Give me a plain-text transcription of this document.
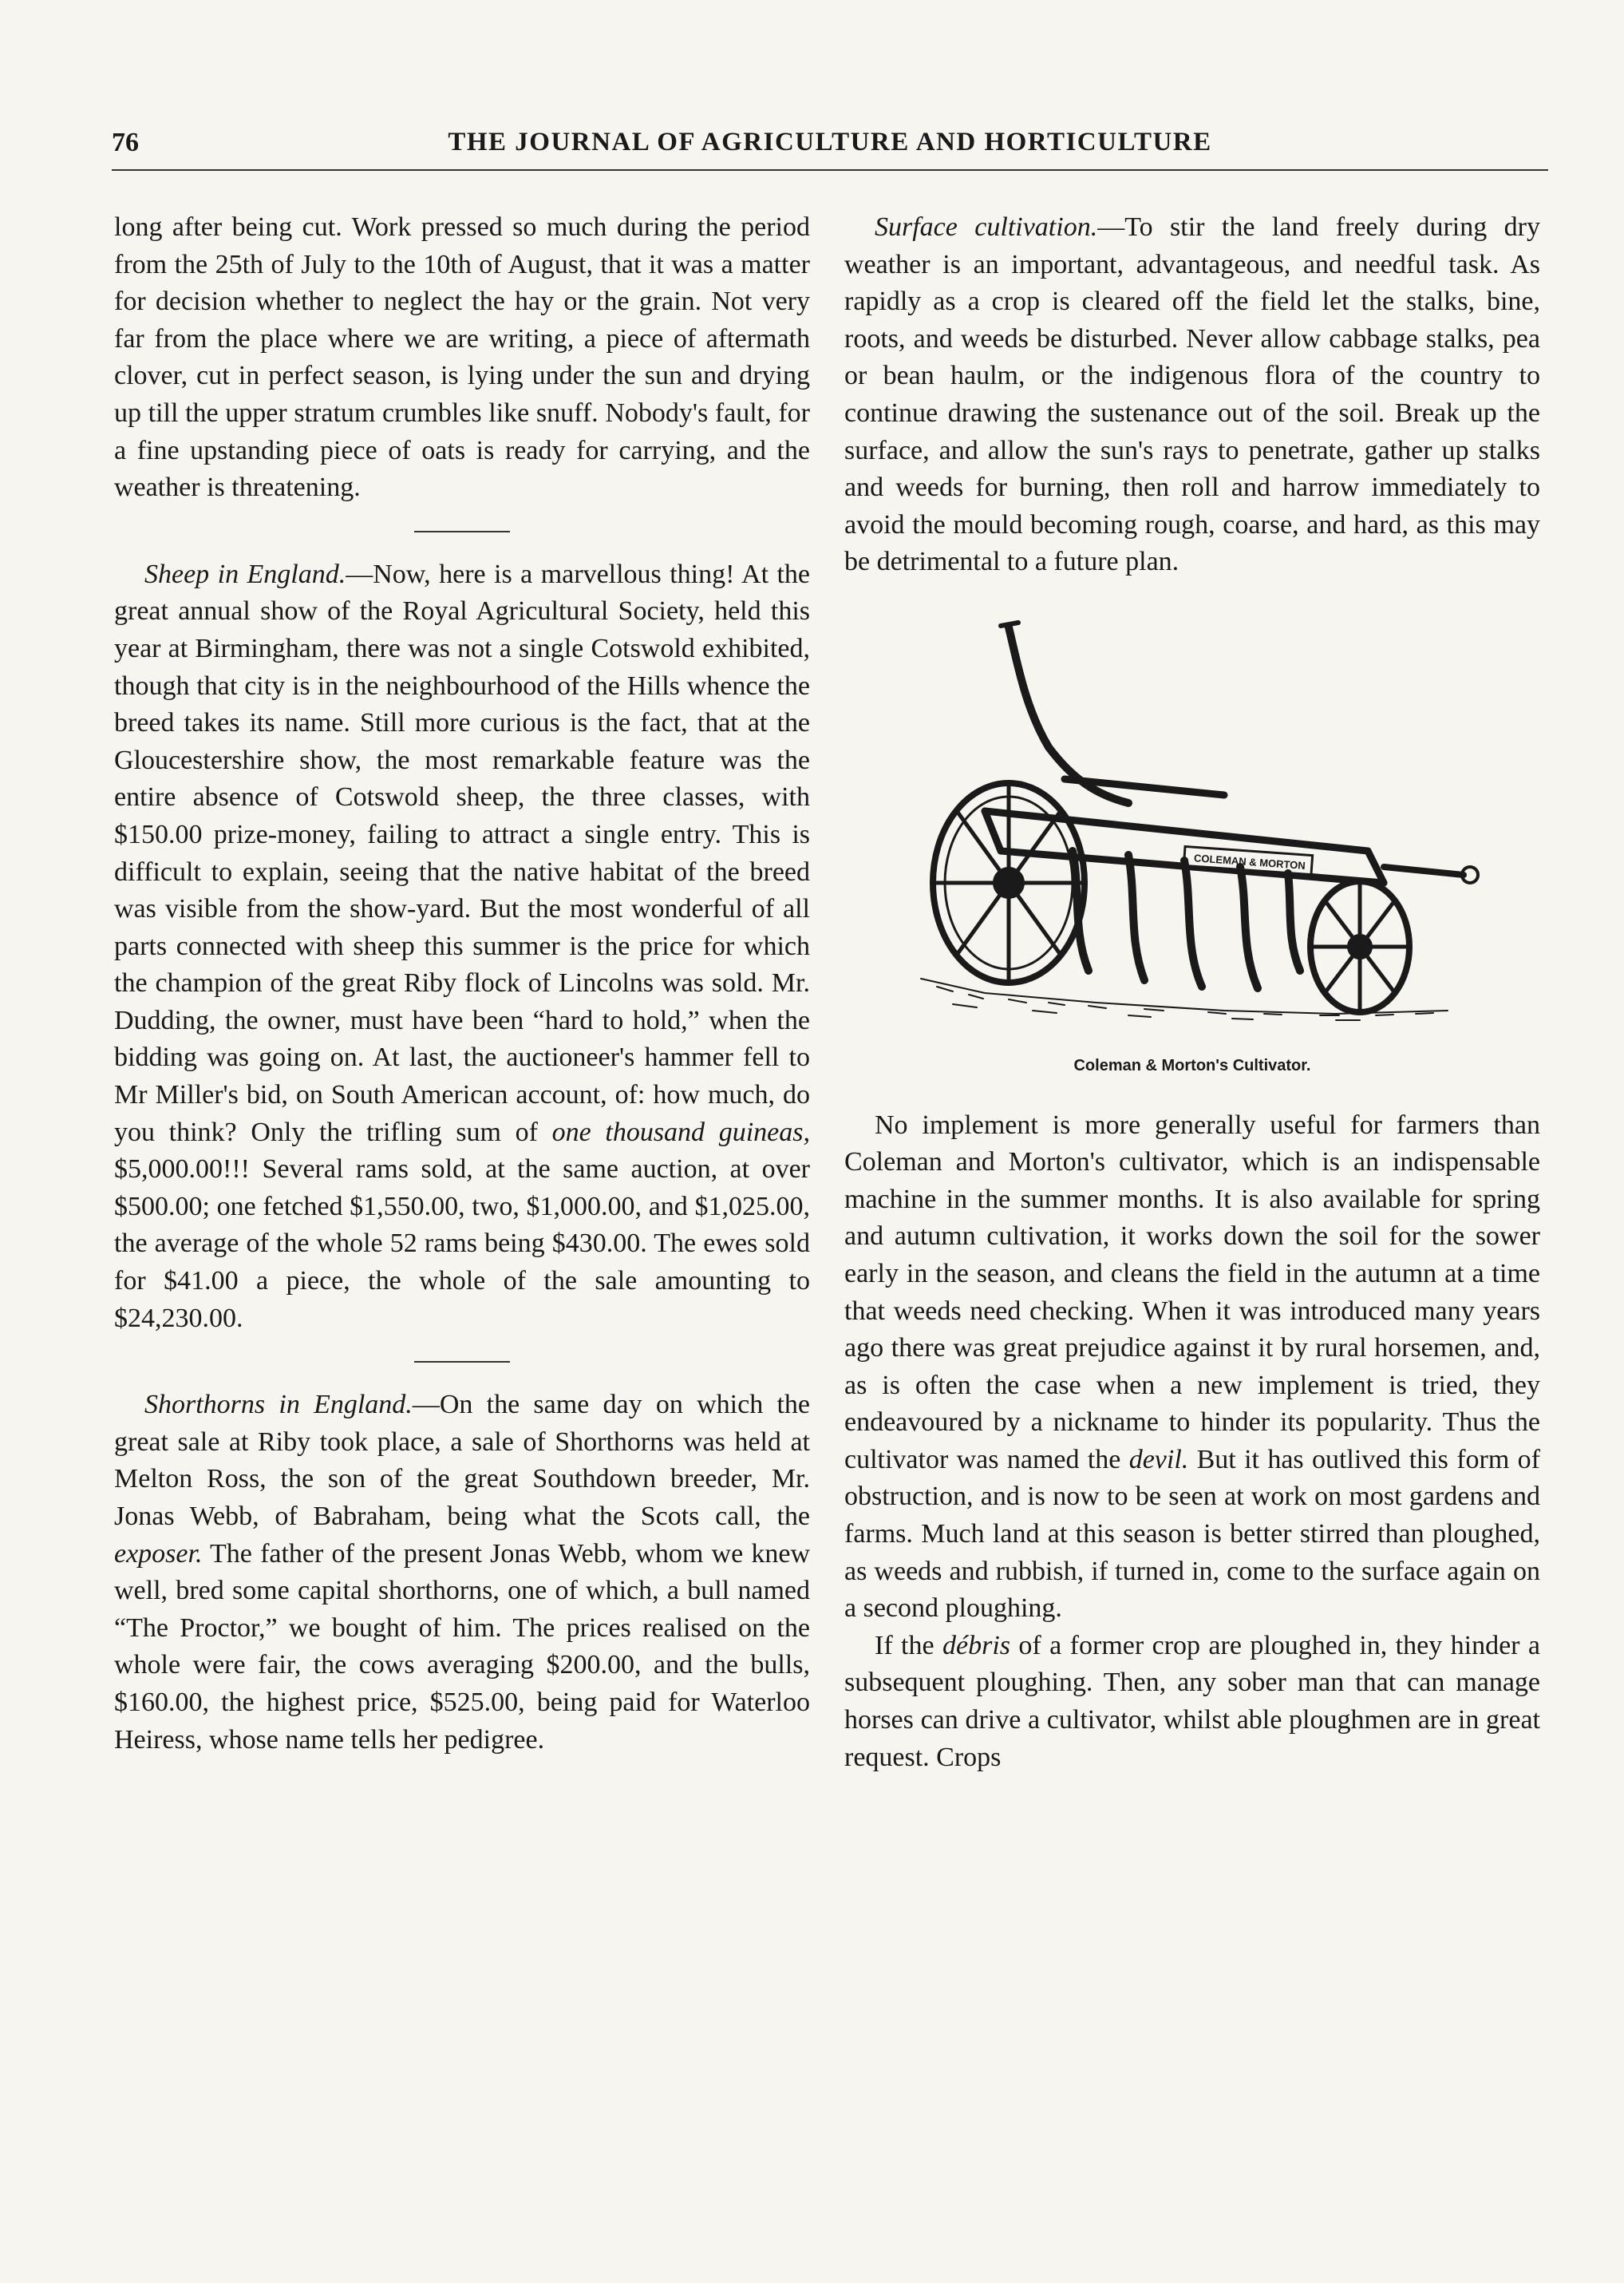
76	THE JOURNAL OF AGRICULTURE AND HORTICULTURE

long after being cut. Work pressed so much during the period from the 25th of July to the 10th of August, that it was a matter for decision whether to neglect the hay or the grain. Not very far from the place where we are writing, a piece of aftermath clover, cut in perfect season, is lying under the sun and drying up till the upper stratum crumbles like snuff. Nobody's fault, for a fine upstanding piece of oats is ready for carrying, and the weather is threatening.

Sheep in England.—Now, here is a marvellous thing! At the great annual show of the Royal Agricultural Society, held this year at Birmingham, there was not a single Cotswold exhibited, though that city is in the neighbourhood of the Hills whence the breed takes its name. Still more curious is the fact, that at the Gloucestershire show, the most remarkable feature was the entire absence of Cotswold sheep, the three classes, with $150.00 prize-money, failing to attract a single entry. This is difficult to explain, seeing that the native habitat of the breed was visible from the show-yard. But the most wonderful of all parts connected with sheep this summer is the price for which the champion of the great Riby flock of Lincolns was sold. Mr. Dudding, the owner, must have been “hard to hold,” when the bidding was going on. At last, the auctioneer's hammer fell to Mr Miller's bid, on South American account, of: how much, do you think? Only the trifling sum of one thousand guineas, $5,000.00!!! Several rams sold, at the same auction, at over $500.00; one fetched $1,550.00, two, $1,000.00, and $1,025.00, the average of the whole 52 rams being $430.00. The ewes sold for $41.00 a piece, the whole of the sale amounting to $24,230.00.

Shorthorns in England.—On the same day on which the great sale at Riby took place, a sale of Shorthorns was held at Melton Ross, the son of the great Southdown breeder, Mr. Jonas Webb, of Babraham, being what the Scots call, the exposer. The father of the present Jonas Webb, whom we knew well, bred some capital shorthorns, one of which, a bull named “The Proctor,” we bought of him. The prices realised on the whole were fair, the cows averaging $200.00, and the bulls, $160.00, the highest price, $525.00, being paid for Waterloo Heiress, whose name tells her pedigree.

Surface cultivation.—To stir the land freely during dry weather is an important, advantageous, and needful task. As rapidly as a crop is cleared off the field let the stalks, bine, roots, and weeds be disturbed. Never allow cabbage stalks, pea or bean haulm, or the indigenous flora of the country to continue drawing the sustenance out of the soil. Break up the surface, and allow the sun's rays to penetrate, gather up stalks and weeds for burning, then roll and harrow immediately to avoid the mould becoming rough, coarse, and hard, as this may be detrimental to a future plan.

COLEMAN & MORTON
Coleman & Morton's Cultivator.

No implement is more generally useful for farmers than Coleman and Morton's cultivator, which is an indispensable machine in the summer months. It is also available for spring and autumn cultivation, it works down the soil for the sower early in the season, and cleans the field in the autumn at a time that weeds need checking. When it was introduced many years ago there was great prejudice against it by rural horsemen, and, as is often the case when a new implement is tried, they endeavoured by a nickname to hinder its popularity. Thus the cultivator was named the devil. But it has outlived this form of obstruction, and is now to be seen at work on most gardens and farms. Much land at this season is better stirred than ploughed, as weeds and rubbish, if turned in, come to the surface again on a second ploughing.

If the débris of a former crop are ploughed in, they hinder a subsequent ploughing. Then, any sober man that can manage horses can drive a cultivator, whilst able ploughmen are in great request. Crops
